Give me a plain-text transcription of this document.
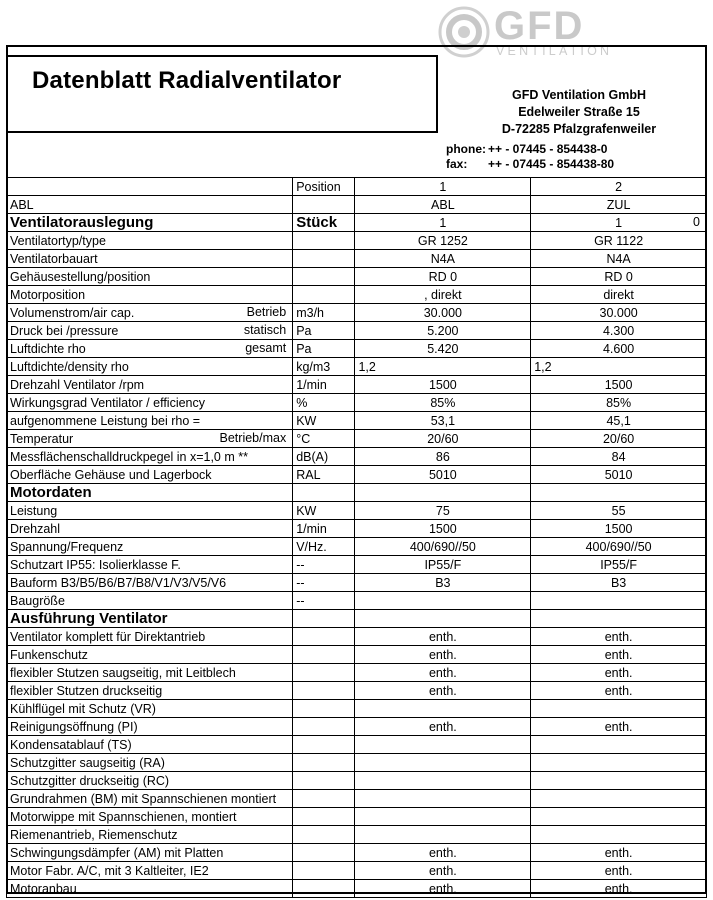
GFD
VENTILATION
Datenblatt Radialventilator
GFD Ventilation GmbH
Edelweiler Straße 15
D-72285 Pfalzgrafenweiler
phone: ++ - 07445 - 854438-0
fax: ++ - 07445 - 854438-80
	Position	1	2
ABL		ABL	ZUL
Ventilatorauslegung	Stück	1	1 0

Ventilatortyp/type		GR 1252	GR 1122
Ventilatorbauart		N4A	N4A
Gehäusestellung/position		RD 0	RD 0
Motorposition		, direkt	direkt
Volumenstrom/air cap. Betrieb	m3/h	30.000	30.000
Druck bei /pressure statisch	Pa	5.200	4.300
Luftdichte rho gesamt	Pa	5.420	4.600
Luftdichte/density rho	kg/m3	1,2	1,2
Drehzahl Ventilator /rpm	1/min	1500	1500
Wirkungsgrad Ventilator / efficiency	%	85%	85%
aufgenommene Leistung bei rho =	KW	53,1	45,1
Temperatur Betrieb/max	°C	20/60	20/60
Messflächenschalldruckpegel in x=1,0 m **	dB(A)	86	84
Oberfläche Gehäuse und Lagerbock	RAL	5010	5010
Motordaten			
Leistung	KW	75	55
Drehzahl	1/min	1500	1500
Spannung/Frequenz	V/Hz.	400/690//50	400/690//50
Schutzart IP55: Isolierklasse F.	--	IP55/F	IP55/F
Bauform B3/B5/B6/B7/B8/V1/V3/V5/V6	--	B3	B3
Baugröße	--		
Ausführung Ventilator			
Ventilator komplett für Direktantrieb		enth.	enth.
Funkenschutz		enth.	enth.
flexibler Stutzen saugseitig, mit Leitblech		enth.	enth.
flexibler Stutzen druckseitig		enth.	enth.
Kühlflügel mit Schutz (VR)			
Reinigungsöffnung (PI)		enth.	enth.
Kondensatablauf (TS)			
Schutzgitter saugseitig (RA)			
Schutzgitter druckseitig (RC)			
Grundrahmen (BM) mit Spannschienen montiert			
Motorwippe mit Spannschienen, montiert			
Riemenantrieb, Riemenschutz			
Schwingungsdämpfer (AM) mit Platten		enth.	enth.
Motor Fabr. A/C, mit 3 Kaltleiter, IE2		enth.	enth.
Motoranbau		enth.	enth.
